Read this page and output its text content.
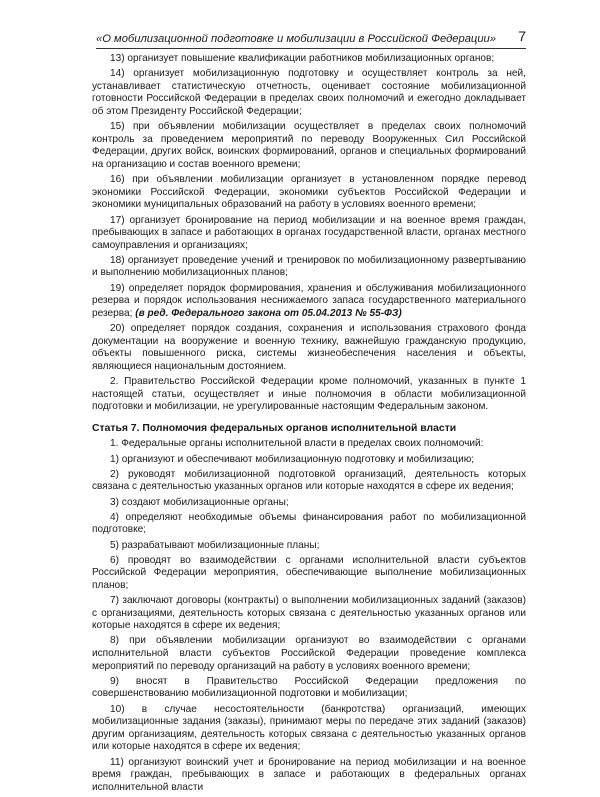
«О мобилизационной подготовке и мобилизации в Российской Федерации» 7

13) организует повышение квалификации работников мобилизационных органов;

14) организует мобилизационную подготовку и осуществляет контроль за ней, устанавливает статистическую отчетность, оценивает состояние мобилизационной готовности Российской Федерации в пределах своих полномочий и ежегодно докладывает об этом Президенту Российской Федерации;

15) при объявлении мобилизации осуществляет в пределах своих полномочий контроль за проведением мероприятий по переводу Вооруженных Сил Российской Федерации, других войск, воинских формирований, органов и специальных формирований на организацию и состав военного времени;

16) при объявлении мобилизации организует в установленном порядке перевод экономики Российской Федерации, экономики субъектов Российской Федерации и экономики муниципальных образований на работу в условиях военного времени;

17) организует бронирование на период мобилизации и на военное время граждан, пребывающих в запасе и работающих в органах государственной власти, органах местного самоуправления и организациях;

18) организует проведение учений и тренировок по мобилизационному развертыванию и выполнению мобилизационных планов;

19) определяет порядок формирования, хранения и обслуживания мобилизационного резерва и порядок использования неснижаемого запаса государственного материального резерва; (в ред. Федерального закона от 05.04.2013 № 55-ФЗ)

20) определяет порядок создания, сохранения и использования страхового фонда документации на вооружение и военную технику, важнейшую гражданскую продукцию, объекты повышенного риска, системы жизнеобеспечения населения и объекты, являющиеся национальным достоянием.

2. Правительство Российской Федерации кроме полномочий, указанных в пункте 1 настоящей статьи, осуществляет и иные полномочия в области мобилизационной подготовки и мобилизации, не урегулированные настоящим Федеральным законом.

Статья 7. Полномочия федеральных органов исполнительной власти

1. Федеральные органы исполнительной власти в пределах своих полномочий:

1) организуют и обеспечивают мобилизационную подготовку и мобилизацию;

2) руководят мобилизационной подготовкой организаций, деятельность которых связана с деятельностью указанных органов или которые находятся в сфере их ведения;

3) создают мобилизационные органы;

4) определяют необходимые объемы финансирования работ по мобилизационной подготовке;

5) разрабатывают мобилизационные планы;

6) проводят во взаимодействии с органами исполнительной власти субъектов Российской Федерации мероприятия, обеспечивающие выполнение мобилизационных планов;

7) заключают договоры (контракты) о выполнении мобилизационных заданий (заказов) с организациями, деятельность которых связана с деятельностью указанных органов или которые находятся в сфере их ведения;

8) при объявлении мобилизации организуют во взаимодействии с органами исполнительной власти субъектов Российской Федерации проведение комплекса мероприятий по переводу организаций на работу в условиях военного времени;

9) вносят в Правительство Российской Федерации предложения по совершенствованию мобилизационной подготовки и мобилизации;

10) в случае несостоятельности (банкротства) организаций, имеющих мобилизационные задания (заказы), принимают меры по передаче этих заданий (заказов) другим организациям, деятельность которых связана с деятельностью указанных органов или которые находятся в сфере их ведения;

11) организуют воинский учет и бронирование на период мобилизации и на военное время граждан, пребывающих в запасе и работающих в федеральных органах исполнительной власти
